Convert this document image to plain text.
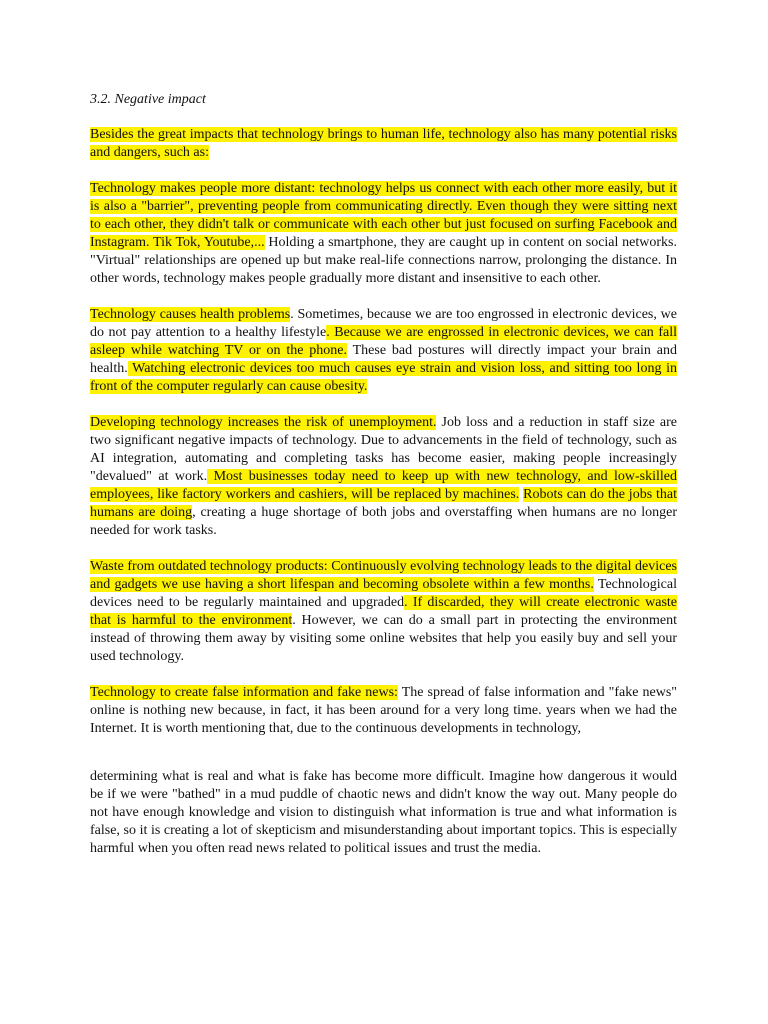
3.2. Negative impact

Besides the great impacts that technology brings to human life, technology also has many potential risks and dangers, such as:

Technology makes people more distant: technology helps us connect with each other more easily, but it is also a "barrier", preventing people from communicating directly. Even though they were sitting next to each other, they didn't talk or communicate with each other but just focused on surfing Facebook and Instagram. Tik Tok, Youtube,... Holding a smartphone, they are caught up in content on social networks. "Virtual" relationships are opened up but make real-life connections narrow, prolonging the distance. In other words, technology makes people gradually more distant and insensitive to each other.

Technology causes health problems. Sometimes, because we are too engrossed in electronic devices, we do not pay attention to a healthy lifestyle. Because we are engrossed in electronic devices, we can fall asleep while watching TV or on the phone. These bad postures will directly impact your brain and health. Watching electronic devices too much causes eye strain and vision loss, and sitting too long in front of the computer regularly can cause obesity.

Developing technology increases the risk of unemployment. Job loss and a reduction in staff size are two significant negative impacts of technology. Due to advancements in the field of technology, such as AI integration, automating and completing tasks has become easier, making people increasingly "devalued" at work. Most businesses today need to keep up with new technology, and low-skilled employees, like factory workers and cashiers, will be replaced by machines. Robots can do the jobs that humans are doing, creating a huge shortage of both jobs and overstaffing when humans are no longer needed for work tasks.

Waste from outdated technology products: Continuously evolving technology leads to the digital devices and gadgets we use having a short lifespan and becoming obsolete within a few months. Technological devices need to be regularly maintained and upgraded. If discarded, they will create electronic waste that is harmful to the environment. However, we can do a small part in protecting the environment instead of throwing them away by visiting some online websites that help you easily buy and sell your used technology.

Technology to create false information and fake news: The spread of false information and "fake news" online is nothing new because, in fact, it has been around for a very long time. years when we had the Internet. It is worth mentioning that, due to the continuous developments in technology,

determining what is real and what is fake has become more difficult. Imagine how dangerous it would be if we were "bathed" in a mud puddle of chaotic news and didn't know the way out. Many people do not have enough knowledge and vision to distinguish what information is true and what information is false, so it is creating a lot of skepticism and misunderstanding about important topics. This is especially harmful when you often read news related to political issues and trust the media.
